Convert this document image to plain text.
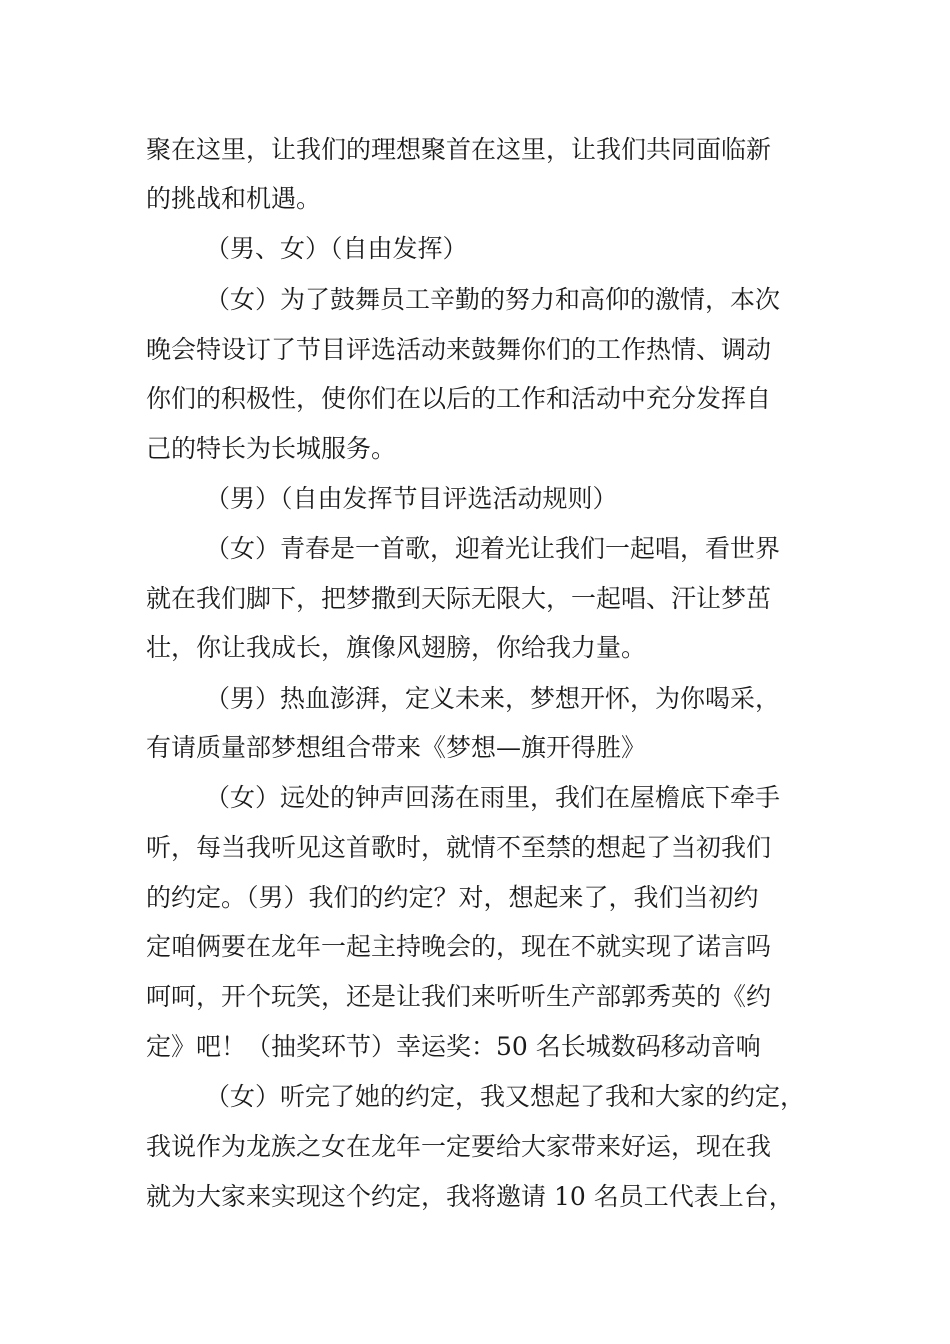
聚在这里，让我们的理想聚首在这里，让我们共同面临新
的挑战和机遇。
（男、女）（自由发挥）
（女）为了鼓舞员工辛勤的努力和高仰的激情，本次
晚会特设订了节目评选活动来鼓舞你们的工作热情、调动
你们的积极性，使你们在以后的工作和活动中充分发挥自
己的特长为长城服务。
（男）（自由发挥节目评选活动规则）
（女）青春是一首歌，迎着光让我们一起唱，看世界
就在我们脚下，把梦撒到天际无限大，一起唱、汗让梦茁
壮，你让我成长，旗像风翅膀，你给我力量。
（男）热血澎湃，定义未来，梦想开怀，为你喝采，
有请质量部梦想组合带来《梦想—旗开得胜》
（女）远处的钟声回荡在雨里，我们在屋檐底下牵手
听，每当我听见这首歌时，就情不至禁的想起了当初我们
的约定。（男）我们的约定？对，想起来了，我们当初约
定咱俩要在龙年一起主持晚会的，现在不就实现了诺言吗
呵呵，开个玩笑，还是让我们来听听生产部郭秀英的《约
定》吧！（抽奖环节）幸运奖：50 名长城数码移动音响
（女）听完了她的约定，我又想起了我和大家的约定，
我说作为龙族之女在龙年一定要给大家带来好运，现在我
就为大家来实现这个约定，我将邀请 10 名员工代表上台，
